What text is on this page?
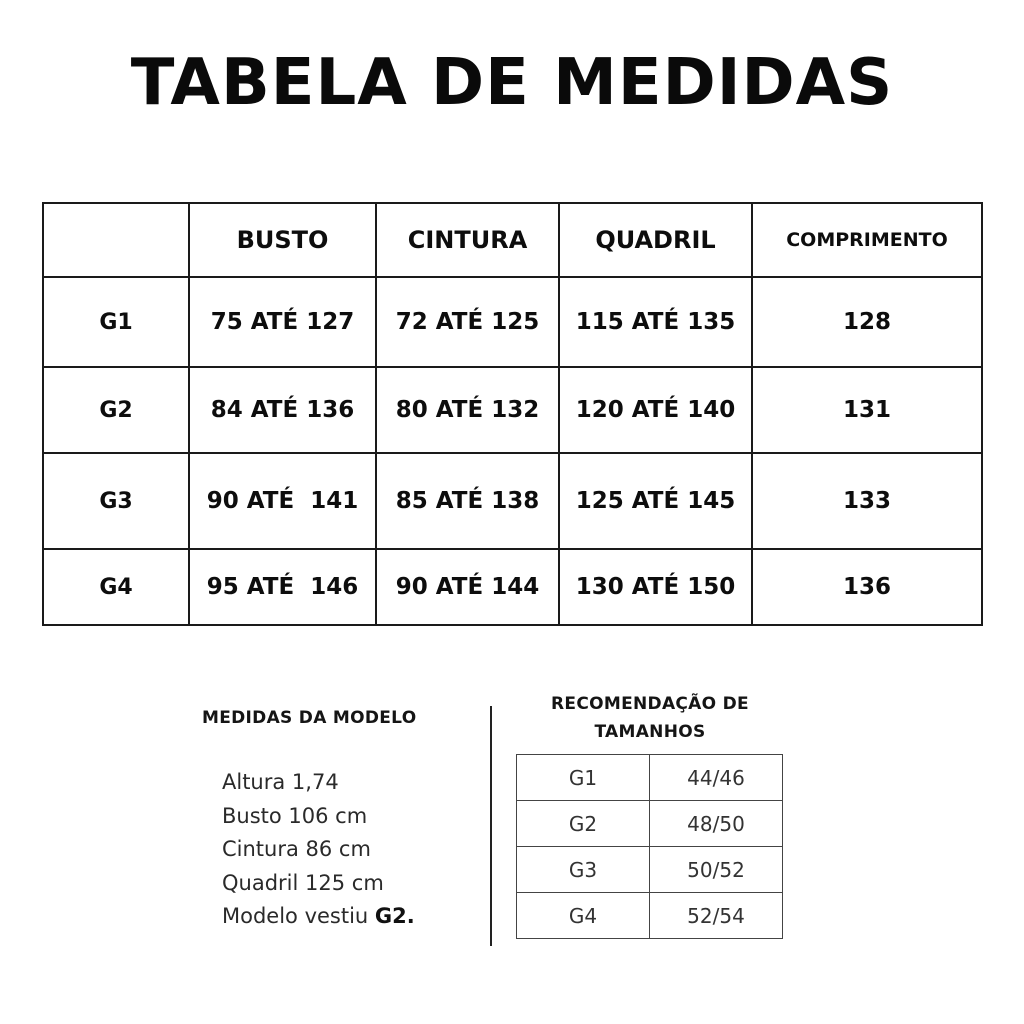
TABELA DE MEDIDAS
	BUSTO	CINTURA	QUADRIL	COMPRIMENTO
G1	75 ATÉ 127	72 ATÉ 125	115 ATÉ 135	128
G2	84 ATÉ 136	80 ATÉ 132	120 ATÉ 140	131
G3	90 ATÉ  141	85 ATÉ 138	125 ATÉ 145	133
G4	95 ATÉ  146	90 ATÉ 144	130 ATÉ 150	136
MEDIDAS DA MODELO
Altura 1,74
Busto 106 cm
Cintura 86 cm
Quadril 125 cm
Modelo vestiu G2.
RECOMENDAÇÃO DE
TAMANHOS
G1	44/46
G2	48/50
G3	50/52
G4	52/54
